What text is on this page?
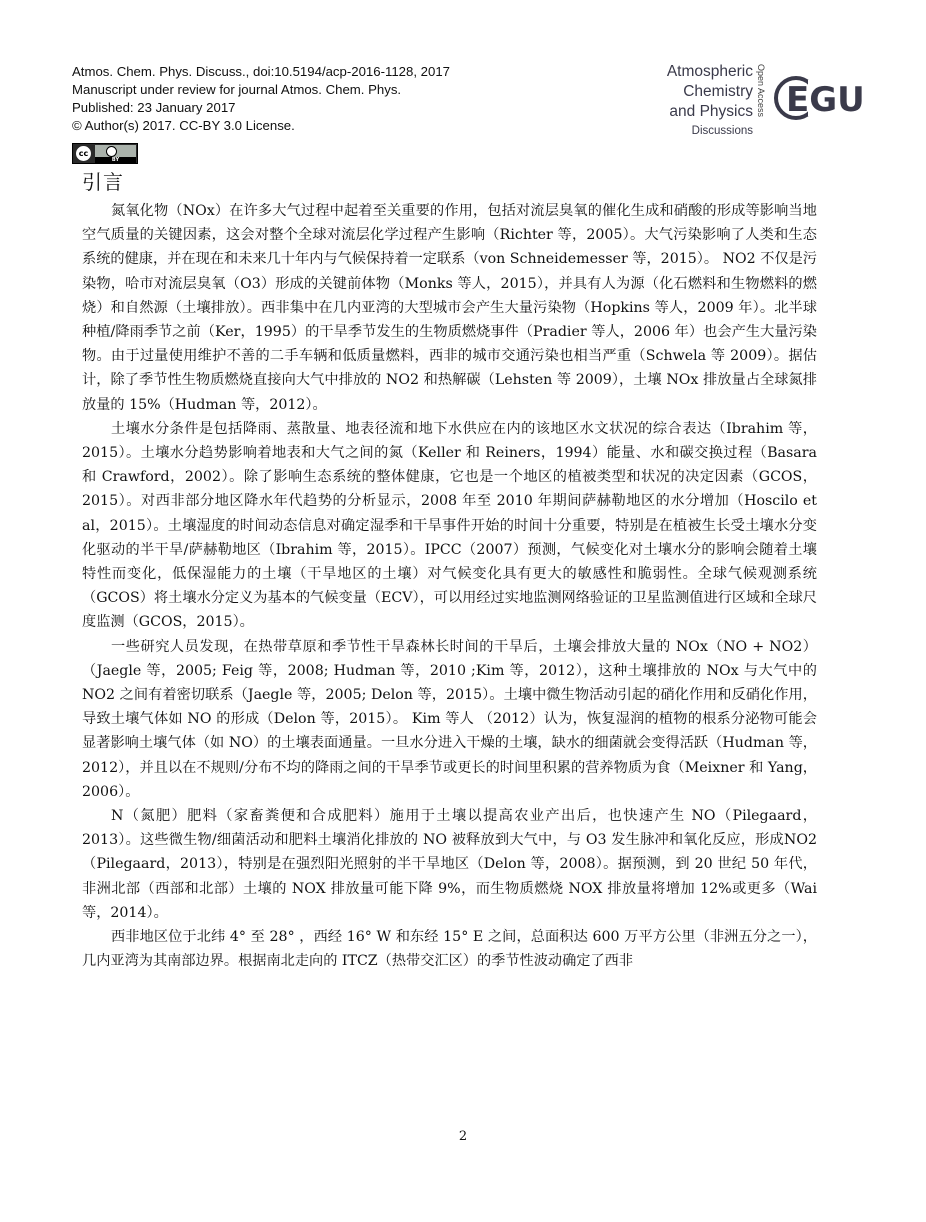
Atmos. Chem. Phys. Discuss., doi:10.5194/acp-2016-1128, 2017
Manuscript under review for journal Atmos. Chem. Phys.
Published: 23 January 2017
© Author(s) 2017. CC-BY 3.0 License.
cc
BY
Atmospheric
Chemistry
and Physics
Discussions
Open Access EGU
引言

氮氧化物（NOx）在许多大气过程中起着至关重要的作用，包括对流层臭氧的催化生成和硝酸的形成等影响当地空气质量的关键因素，这会对整个全球对流层化学过程产生影响（Richter 等，2005）。大气污染影响了人类和生态系统的健康，并在现在和未来几十年内与气候保持着一定联系（von Schneidemesser 等，2015）。 NO2 不仅是污染物，哈市对流层臭氧（O3）形成的关键前体物（Monks 等人，2015），并具有人为源（化石燃料和生物燃料的燃烧）和自然源（土壤排放）。西非集中在几内亚湾的大型城市会产生大量污染物（Hopkins 等人，2009 年）。北半球种植/降雨季节之前（Ker，1995）的干旱季节发生的生物质燃烧事件（Pradier 等人，2006 年）也会产生大量污染物。由于过量使用维护不善的二手车辆和低质量燃料，西非的城市交通污染也相当严重（Schwela 等 2009）。据估计，除了季节性生物质燃烧直接向大气中排放的 NO2 和热解碳（Lehsten 等 2009），土壤 NOx 排放量占全球氮排放量的 15%（Hudman 等，2012）。

土壤水分条件是包括降雨、蒸散量、地表径流和地下水供应在内的该地区水文状况的综合表达（Ibrahim 等，2015）。土壤水分趋势影响着地表和大气之间的氮（Keller 和 Reiners，1994）能量、水和碳交换过程（Basara 和 Crawford，2002）。除了影响生态系统的整体健康，它也是一个地区的植被类型和状况的决定因素（GCOS，2015）。对西非部分地区降水年代趋势的分析显示，2008 年至 2010 年期间萨赫勒地区的水分增加（Hoscilo et al，2015）。土壤湿度的时间动态信息对确定湿季和干旱事件开始的时间十分重要，特别是在植被生长受土壤水分变化驱动的半干旱/萨赫勒地区（Ibrahim 等，2015）。IPCC（2007）预测，气候变化对土壤水分的影响会随着土壤特性而变化，低保湿能力的土壤（干旱地区的土壤）对气候变化具有更大的敏感性和脆弱性。全球气候观测系统（GCOS）将土壤水分定义为基本的气候变量（ECV），可以用经过实地监测网络验证的卫星监测值进行区域和全球尺度监测（GCOS，2015）。

一些研究人员发现，在热带草原和季节性干旱森林长时间的干旱后，土壤会排放大量的 NOx（NO + NO2）（Jaegle 等，2005; Feig 等，2008; Hudman 等，2010 ;Kim 等，2012），这种土壤排放的 NOx 与大气中的 NO2 之间有着密切联系（Jaegle 等，2005; Delon 等，2015）。土壤中微生物活动引起的硝化作用和反硝化作用，导致土壤气体如 NO 的形成（Delon 等，2015）。 Kim 等人 （2012）认为，恢复湿润的植物的根系分泌物可能会显著影响土壤气体（如 NO）的土壤表面通量。一旦水分进入干燥的土壤，缺水的细菌就会变得活跃（Hudman 等，2012），并且以在不规则/分布不均的降雨之间的干旱季节或更长的时间里积累的营养物质为食（Meixner 和 Yang，2006）。

N（氮肥）肥料（家畜粪便和合成肥料）施用于土壤以提高农业产出后，也快速产生 NO（Pilegaard，2013）。这些微生物/细菌活动和肥料土壤消化排放的 NO 被释放到大气中，与 O3 发生脉冲和氧化反应，形成NO2（Pilegaard，2013），特别是在强烈阳光照射的半干旱地区（Delon 等，2008）。据预测，到 20 世纪 50 年代，非洲北部（西部和北部）土壤的 NOX 排放量可能下降 9%，而生物质燃烧 NOX 排放量将增加 12%或更多（Wai 等，2014）。

西非地区位于北纬 4° 至 28° ，西经 16° W 和东经 15° E 之间，总面积达 600 万平方公里（非洲五分之一），几内亚湾为其南部边界。根据南北走向的 ITCZ（热带交汇区）的季节性波动确定了西非

2
